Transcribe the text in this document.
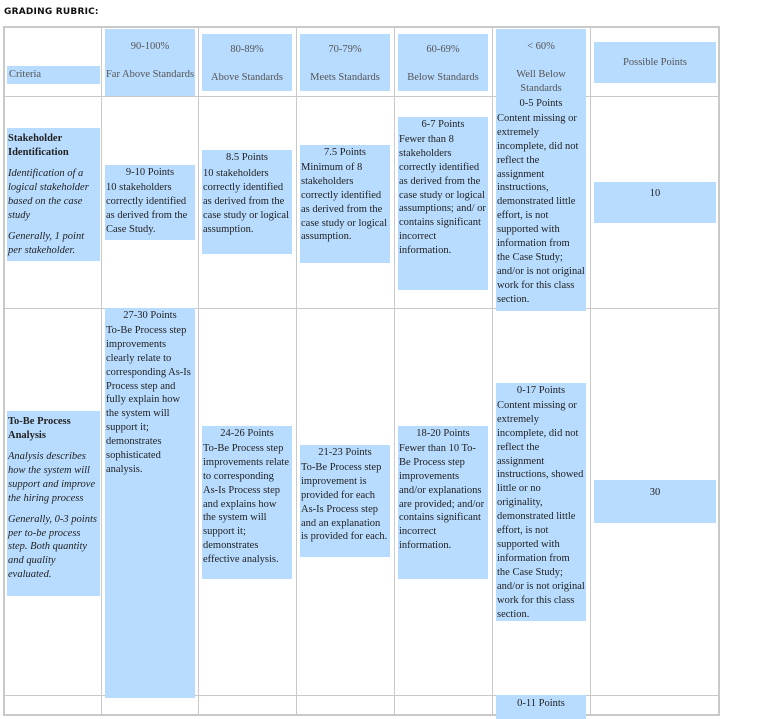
GRADING RUBRIC:
Criteria
90-100%
Far Above Standards
80-89%
Above Standards
70-79%
Meets Standards
60-69%
Below Standards
< 60%
Well Below Standards
Possible Points
Stakeholder Identification
Identification of a logical stakeholder based on the case study
Generally, 1 point per stakeholder.
9-10 Points
10 stakeholders correctly identified as derived from the Case Study.
8.5 Points
10 stakeholders correctly identified as derived from the case study or logical assumption.
7.5 Points
Minimum of 8 stakeholders correctly identified as derived from the case study or logical assumption.
6-7 Points
Fewer than 8 stakeholders correctly identified as derived from the case study or logical assumptions; and/ or contains significant incorrect information.
0-5 Points
Content missing or extremely incomplete, did not reflect the assignment instructions, demonstrated little effort, is not supported with information from the Case Study; and/or is not original work for this class section.
10
To-Be Process Analysis
Analysis describes how the system will support and improve the hiring process
Generally, 0-3 points per to-be process step. Both quantity and quality evaluated.
27-30 Points
To-Be Process step improvements clearly relate to corresponding As-Is Process step and fully explain how the system will support it; demonstrates sophisticated analysis.
24-26 Points
To-Be Process step improvements relate to corresponding As-Is Process step and explains how the system will support it; demonstrates effective analysis.
21-23 Points
To-Be Process step improvement is provided for each As-Is Process step and an explanation is provided for each.
18-20 Points
Fewer than 10 To-Be Process step improvements and/or explanations are provided; and/or contains significant incorrect information.
0-17 Points
Content missing or extremely incomplete, did not reflect the assignment instructions, showed little or no originality, demonstrated little effort, is not supported with information from the Case Study; and/or is not original work for this class section.
30
0-11 Points
